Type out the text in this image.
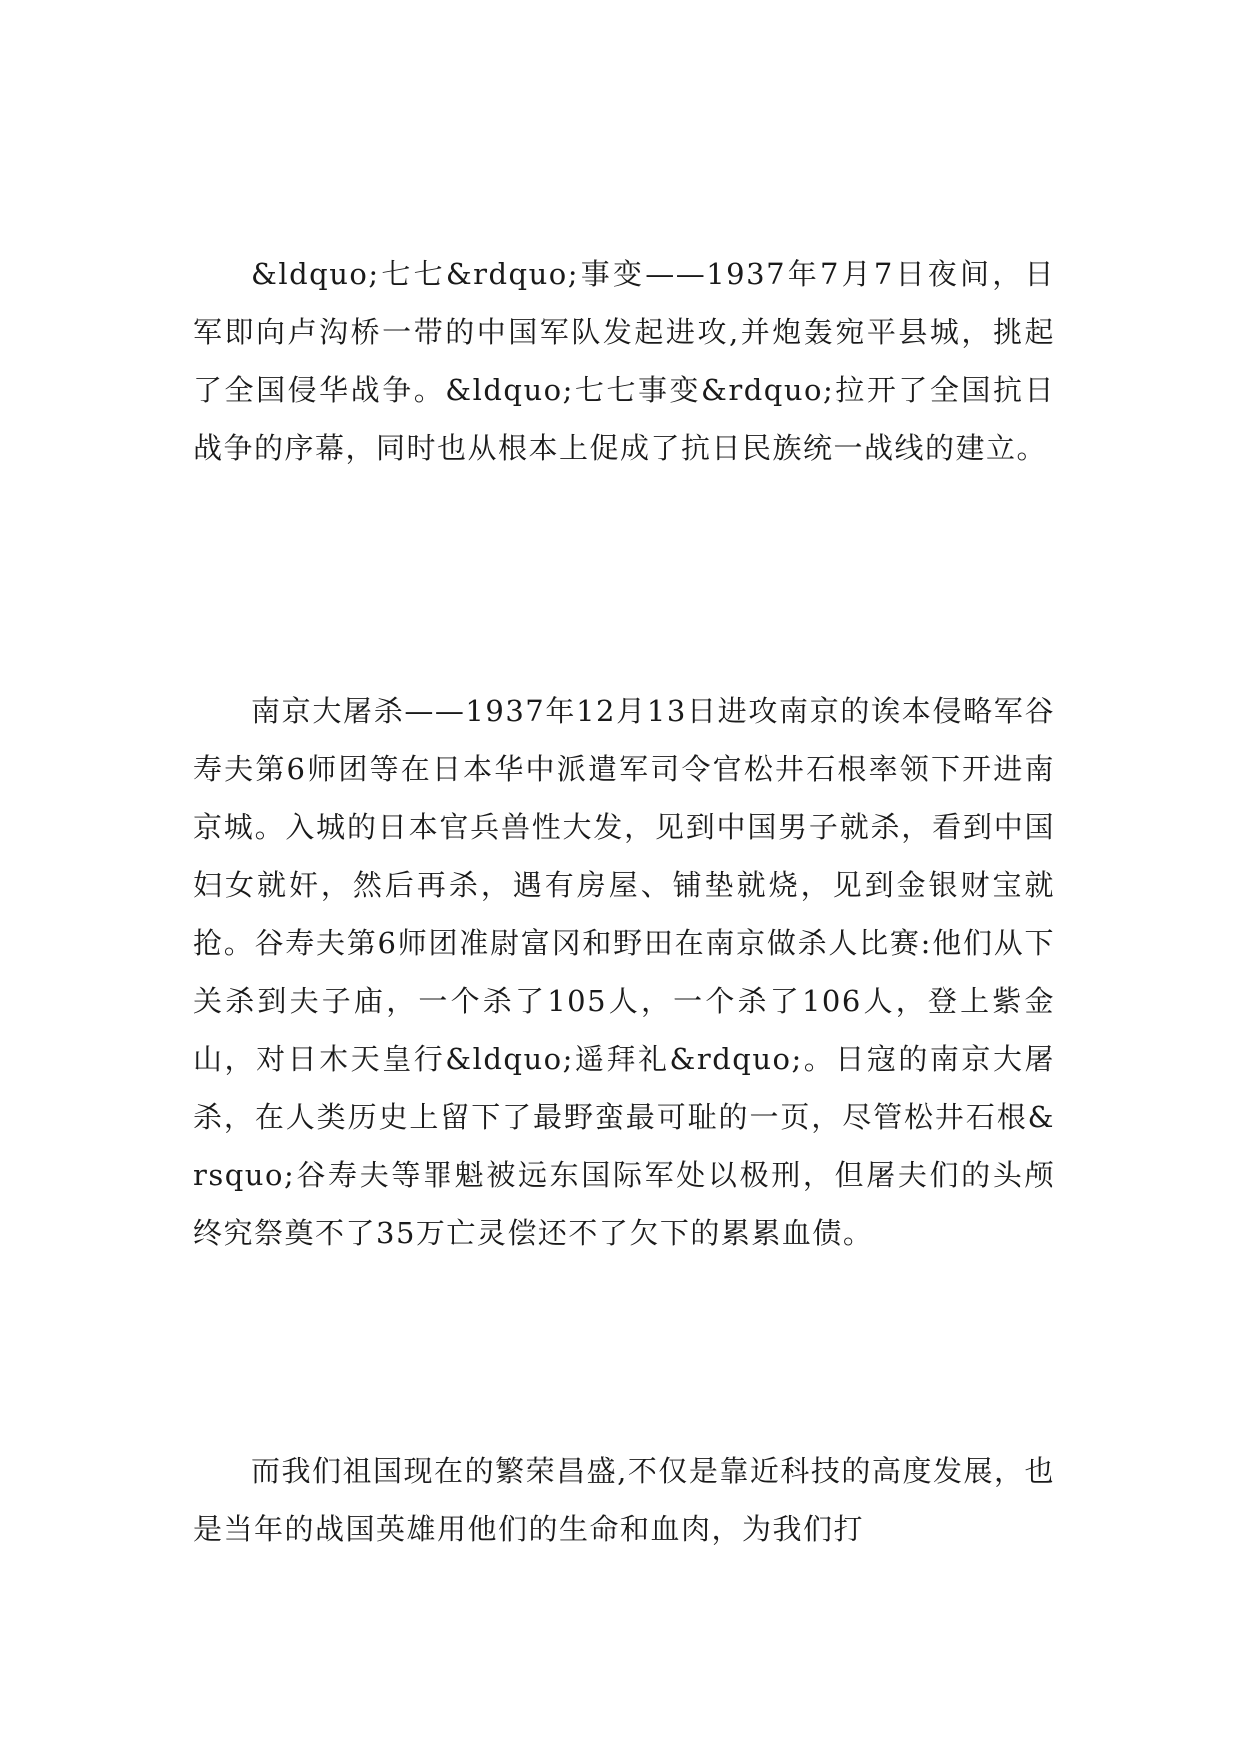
&ldquo;七七&rdquo;事变——1937年7月7日夜间，日军即向卢沟桥一带的中国军队发起进攻,并炮轰宛平县城，挑起了全国侵华战争。&ldquo;七七事变&rdquo;拉开了全国抗日战争的序幕，同时也从根本上促成了抗日民族统一战线的建立。

南京大屠杀——1937年12月13日进攻南京的诶本侵略军谷寿夫第6师团等在日本华中派遣军司令官松井石根率领下开进南京城。入城的日本官兵兽性大发，见到中国男子就杀，看到中国妇女就奸，然后再杀，遇有房屋、铺垫就烧，见到金银财宝就抢。谷寿夫第6师团准尉富冈和野田在南京做杀人比赛:他们从下关杀到夫子庙，一个杀了105人，一个杀了106人，登上紫金山，对日木天皇行&ldquo;遥拜礼&rdquo;。日寇的南京大屠杀，在人类历史上留下了最野蛮最可耻的一页，尽管松井石根&rsquo;谷寿夫等罪魁被远东国际军处以极刑，但屠夫们的头颅终究祭奠不了35万亡灵偿还不了欠下的累累血债。

而我们祖国现在的繁荣昌盛,不仅是靠近科技的高度发展，也是当年的战国英雄用他们的生命和血肉，为我们打
